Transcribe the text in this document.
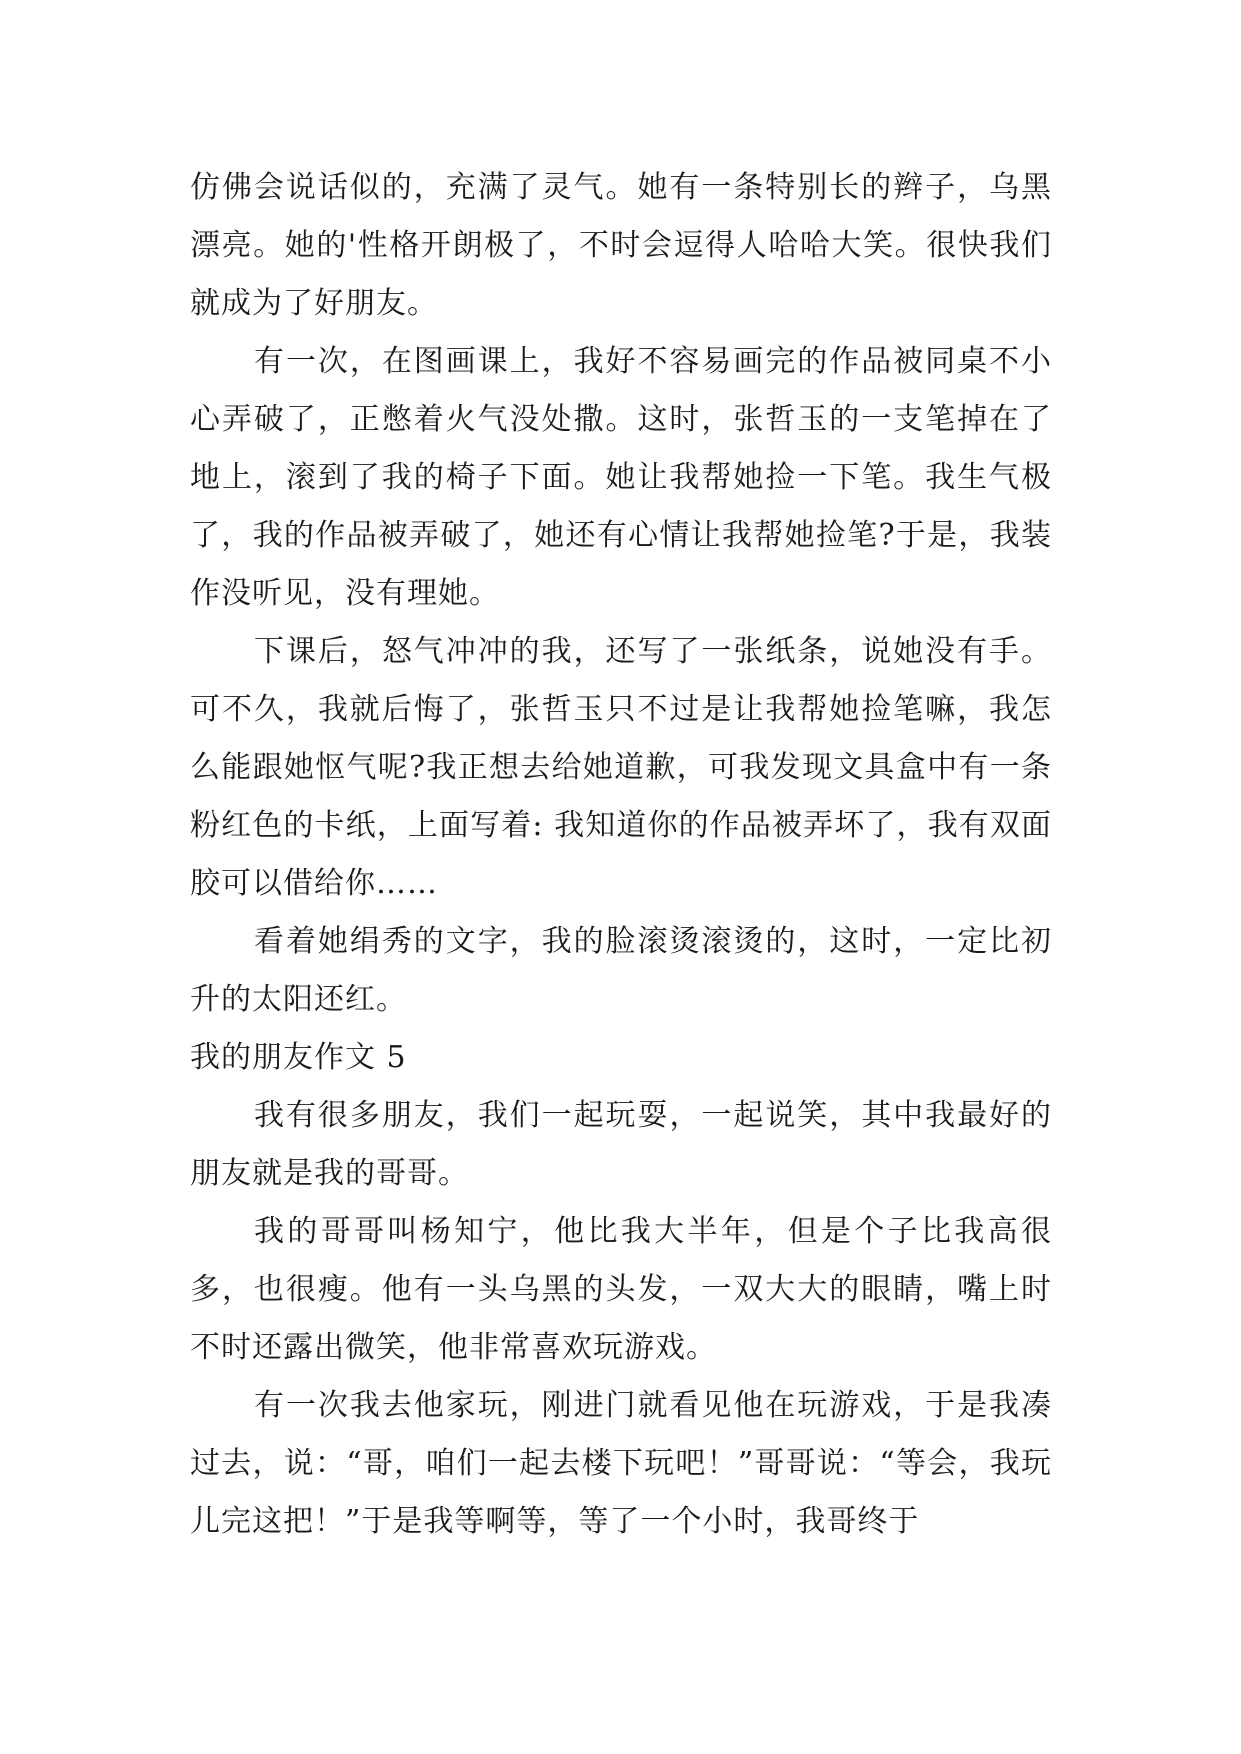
仿佛会说话似的，充满了灵气。她有一条特别长的辫子，乌黑漂亮。她的'性格开朗极了，不时会逗得人哈哈大笑。很快我们就成为了好朋友。

有一次，在图画课上，我好不容易画完的作品被同桌不小心弄破了，正憋着火气没处撒。这时，张哲玉的一支笔掉在了地上，滚到了我的椅子下面。她让我帮她捡一下笔。我生气极了，我的作品被弄破了，她还有心情让我帮她捡笔?于是，我装作没听见，没有理她。

下课后，怒气冲冲的我，还写了一张纸条，说她没有手。可不久，我就后悔了，张哲玉只不过是让我帮她捡笔嘛，我怎么能跟她怄气呢?我正想去给她道歉，可我发现文具盒中有一条粉红色的卡纸，上面写着: 我知道你的作品被弄坏了，我有双面胶可以借给你……

看着她绢秀的文字，我的脸滚烫滚烫的，这时，一定比初升的太阳还红。

我的朋友作文 5

我有很多朋友，我们一起玩耍，一起说笑，其中我最好的朋友就是我的哥哥。

我的哥哥叫杨知宁，他比我大半年，但是个子比我高很多，也很瘦。他有一头乌黑的头发，一双大大的眼睛，嘴上时不时还露出微笑，他非常喜欢玩游戏。

有一次我去他家玩，刚进门就看见他在玩游戏，于是我凑过去，说：“哥，咱们一起去楼下玩吧！”哥哥说：“等会，我玩儿完这把！”于是我等啊等，等了一个小时，我哥终于
